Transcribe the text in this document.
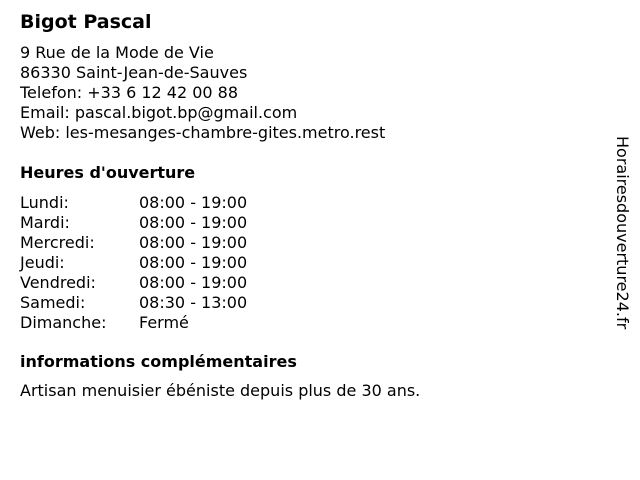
Bigot Pascal
9 Rue de la Mode de Vie
86330 Saint-Jean-de-Sauves
Telefon: +33 6 12 42 00 88
Email: pascal.bigot.bp@gmail.com
Web: les-mesanges-chambre-gites.metro.rest
Heures d'ouverture
Lundi:	08:00 - 19:00
Mardi:	08:00 - 19:00
Mercredi:	08:00 - 19:00
Jeudi:	08:00 - 19:00
Vendredi:	08:00 - 19:00
Samedi:	08:30 - 13:00
Dimanche:	Fermé
informations complémentaires
Artisan menuisier ébéniste depuis plus de 30 ans.
Horairesdouverture24.fr
